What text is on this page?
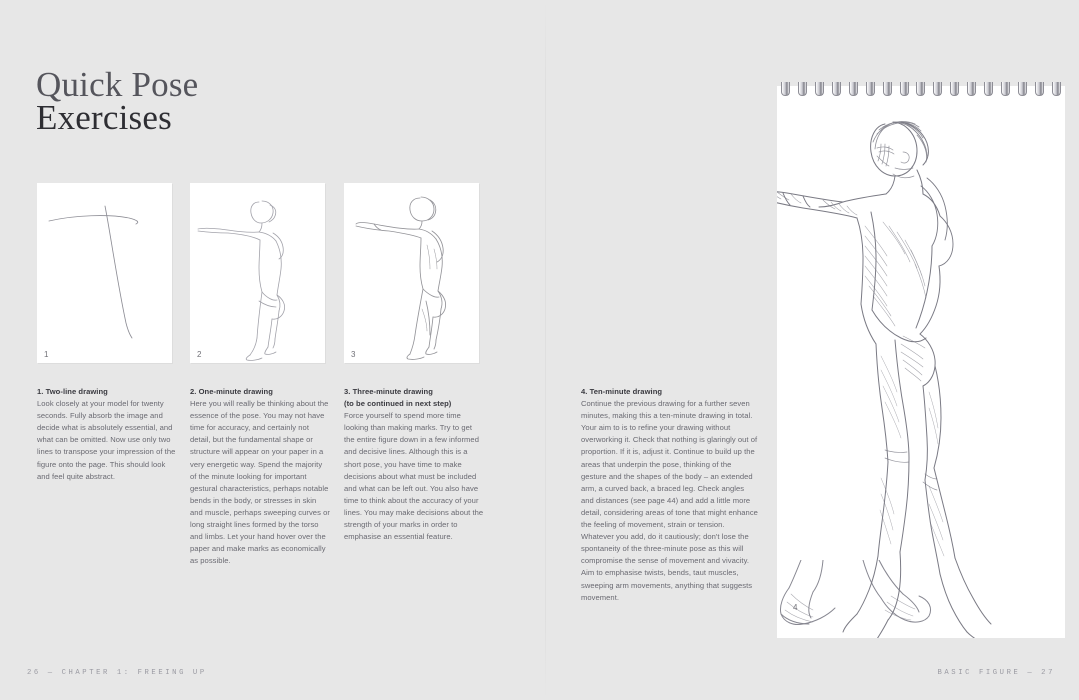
Quick Pose
Exercises
1	2	3
1. Two-line drawing
Look closely at your model for twenty seconds. Fully absorb the image and decide what is absolutely essential, and what can be omitted. Now use only two lines to transpose your impression of the figure onto the page. This should look and feel quite abstract.
2. One-minute drawing
Here you will really be thinking about the essence of the pose. You may not have time for accuracy, and certainly not detail, but the fundamental shape or structure will appear on your paper in a very energetic way. Spend the majority of the minute looking for important gestural characteristics, perhaps notable bends in the body, or stresses in skin and muscle, perhaps sweeping curves or long straight lines formed by the torso and limbs. Let your hand hover over the paper and make marks as economically as possible.
3. Three-minute drawing
(to be continued in next step)
Force yourself to spend more time looking than making marks. Try to get the entire figure down in a few informed and decisive lines. Although this is a short pose, you have time to make decisions about what must be included and what can be left out. You also have time to think about the accuracy of your lines. You may make decisions about the strength of your marks in order to emphasise an essential feature.
4. Ten-minute drawing
Continue the previous drawing for a further seven minutes, making this a ten-minute drawing in total. Your aim to is to refine your drawing without overworking it. Check that nothing is glaringly out of proportion. If it is, adjust it. Continue to build up the areas that underpin the pose, thinking of the gesture and the shapes of the body – an extended arm, a curved back, a braced leg. Check angles and distances (see page 44) and add a little more detail, considering areas of tone that might enhance the feeling of movement, strain or tension. Whatever you add, do it cautiously; don't lose the spontaneity of the three-minute pose as this will compromise the sense of movement and vivacity. Aim to emphasise twists, bends, taut muscles, sweeping arm movements, anything that suggests movement.
4
26 — CHAPTER 1: FREEING UP	BASIC FIGURE — 27
